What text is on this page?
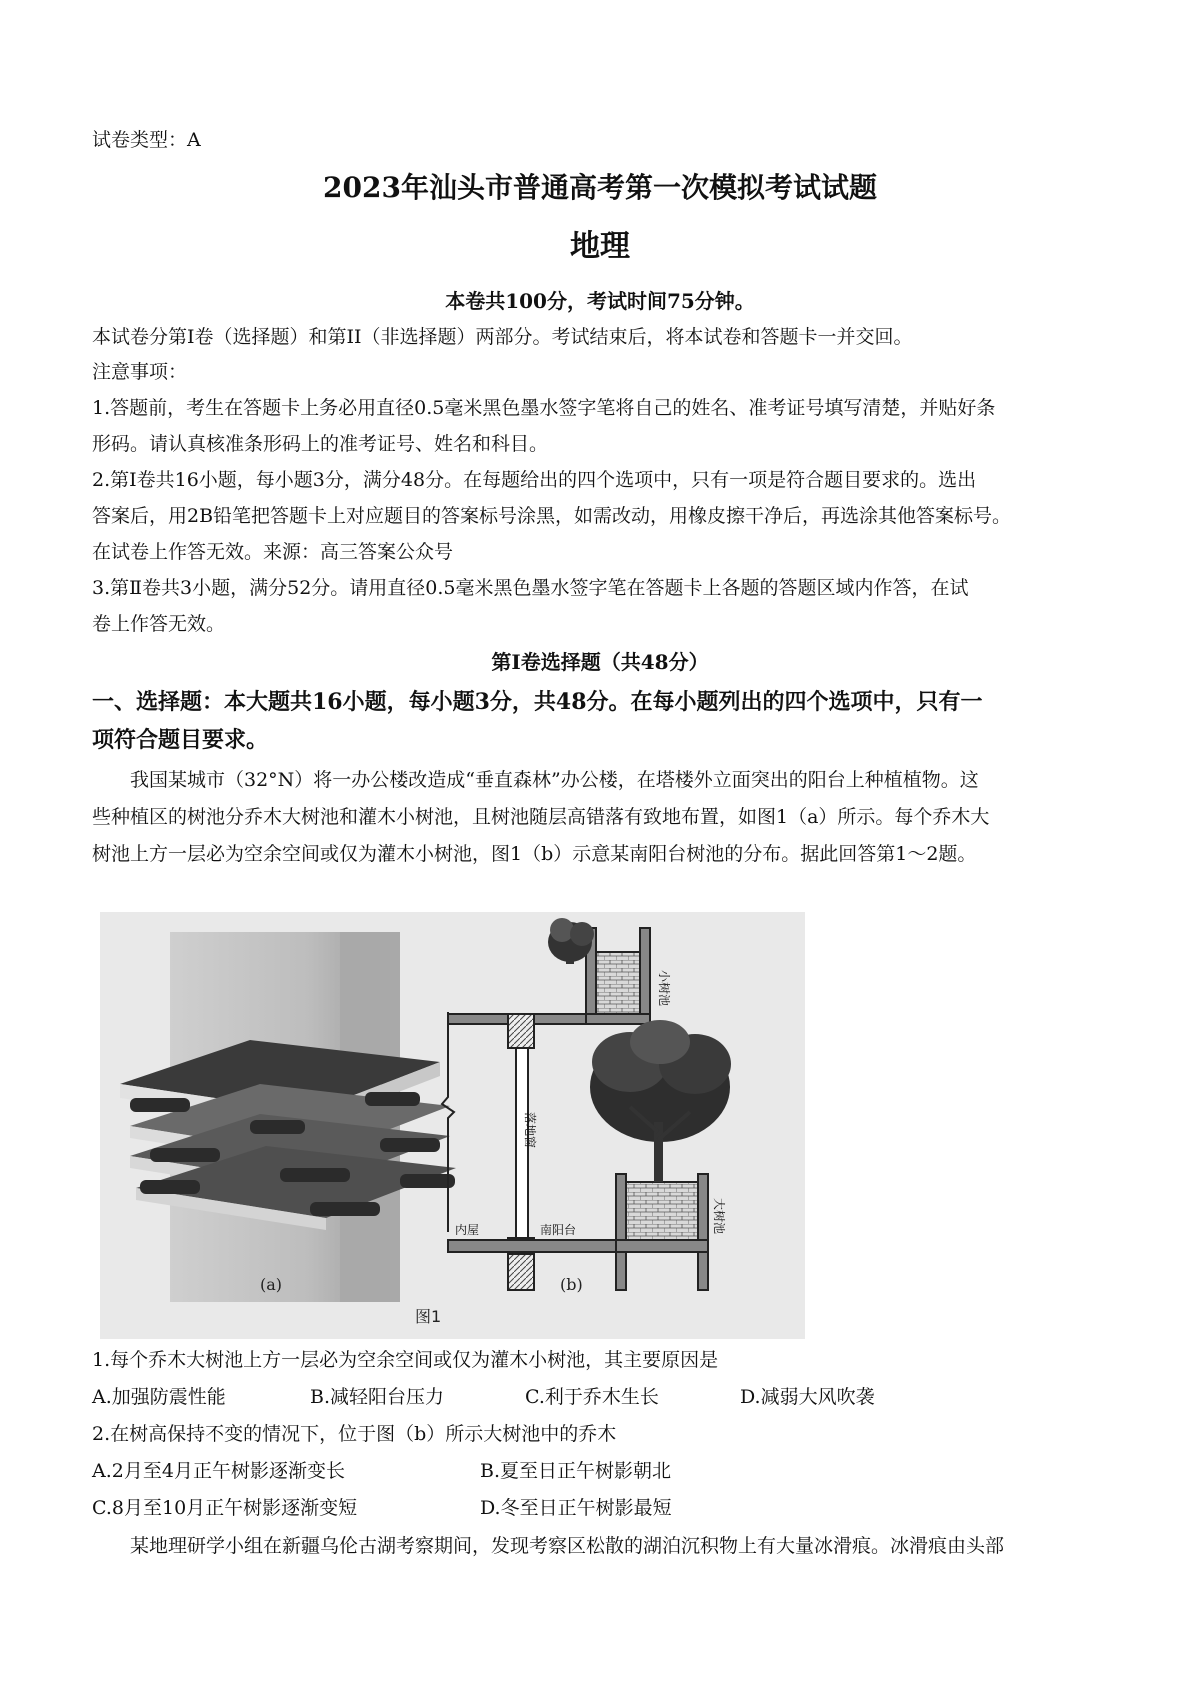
试卷类型：A
2023年汕头市普通高考第一次模拟考试试题
地理
本卷共100分，考试时间75分钟。
本试卷分第Ⅰ卷（选择题）和第II（非选择题）两部分。考试结束后，将本试卷和答题卡一并交回。
注意事项：
1.答题前，考生在答题卡上务必用直径0.5毫米黑色墨水签字笔将自己的姓名、准考证号填写清楚，并贴好条
形码。请认真核准条形码上的准考证号、姓名和科目。
2.第Ⅰ卷共16小题，每小题3分，满分48分。在每题给出的四个选项中，只有一项是符合题目要求的。选出
答案后，用2B铅笔把答题卡上对应题目的答案标号涂黑，如需改动，用橡皮擦干净后，再选涂其他答案标号。
在试卷上作答无效。来源：高三答案公众号
3.第Ⅱ卷共3小题，满分52分。请用直径0.5毫米黑色墨水签字笔在答题卡上各题的答题区域内作答，在试
卷上作答无效。
第Ⅰ卷选择题（共48分）
一、选择题：本大题共16小题，每小题3分，共48分。在每小题列出的四个选项中，只有一
项符合题目要求。
我国某城市（32°N）将一办公楼改造成“垂直森林”办公楼，在塔楼外立面突出的阳台上种植植物。这
些种植区的树池分乔木大树池和灌木小树池，且树池随层高错落有致地布置，如图1（a）所示。每个乔木大
树池上方一层必为空余空间或仅为灌木小树池，图1（b）示意某南阳台树池的分布。据此回答第1～2题。
小树池
大树池
落地窗
内屋	南阳台
(a)	(b)
图1
1.每个乔木大树池上方一层必为空余空间或仅为灌木小树池，其主要原因是
A.加强防震性能	B.减轻阳台压力	C.利于乔木生长	D.减弱大风吹袭
2.在树高保持不变的情况下，位于图（b）所示大树池中的乔木
A.2月至4月正午树影逐渐变长	B.夏至日正午树影朝北
C.8月至10月正午树影逐渐变短	D.冬至日正午树影最短
某地理研学小组在新疆乌伦古湖考察期间，发现考察区松散的湖泊沉积物上有大量冰滑痕。冰滑痕由头部
